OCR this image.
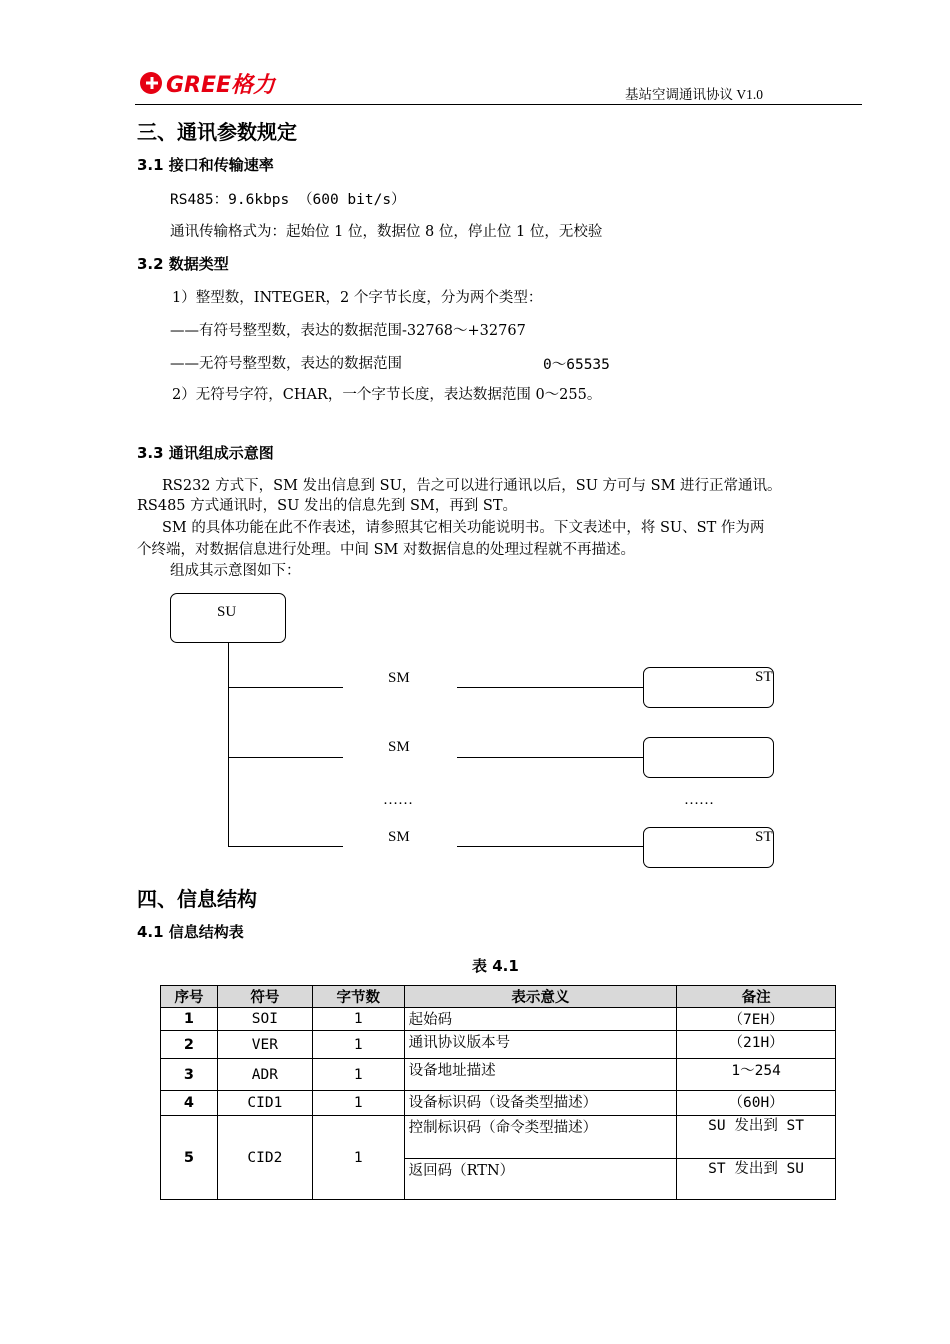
GREE格力	基站空调通讯协议 V1.0
三、通讯参数规定
3.1 接口和传输速率
RS485：9.6kbps （600 bit/s）
通讯传输格式为：起始位 1 位，数据位 8 位，停止位 1 位，无校验
3.2 数据类型
1）整型数，INTEGER，2 个字节长度，分为两个类型：
——有符号整型数，表达的数据范围-32768～+32767
——无符号整型数，表达的数据范围	0～65535
2）无符号字符，CHAR，一个字节长度，表达数据范围 0～255。
3.3 通讯组成示意图
RS232 方式下，SM 发出信息到 SU，告之可以进行通讯以后，SU 方可与 SM 进行正常通讯。
RS485 方式通讯时，SU 发出的信息先到 SM，再到 ST。
SM 的具体功能在此不作表述，请参照其它相关功能说明书。下文表述中，将 SU、ST 作为两
个终端，对数据信息进行处理。中间 SM 对数据信息的处理过程就不再描述。
组成其示意图如下：
SU
SM	ST
SM
……	……
SM	ST
四、信息结构
4.1 信息结构表
表 4.1
序号	符号	字节数	表示意义	备注
1	SOI	1	起始码	（7EH）
2	VER	1	通讯协议版本号	（21H）
3	ADR	1	设备地址描述	1～254
4	CID1	1	设备标识码（设备类型描述）	（60H）
5	CID2	1	控制标识码（命令类型描述）	SU 发出到 ST
			返回码（RTN）	ST 发出到 SU
